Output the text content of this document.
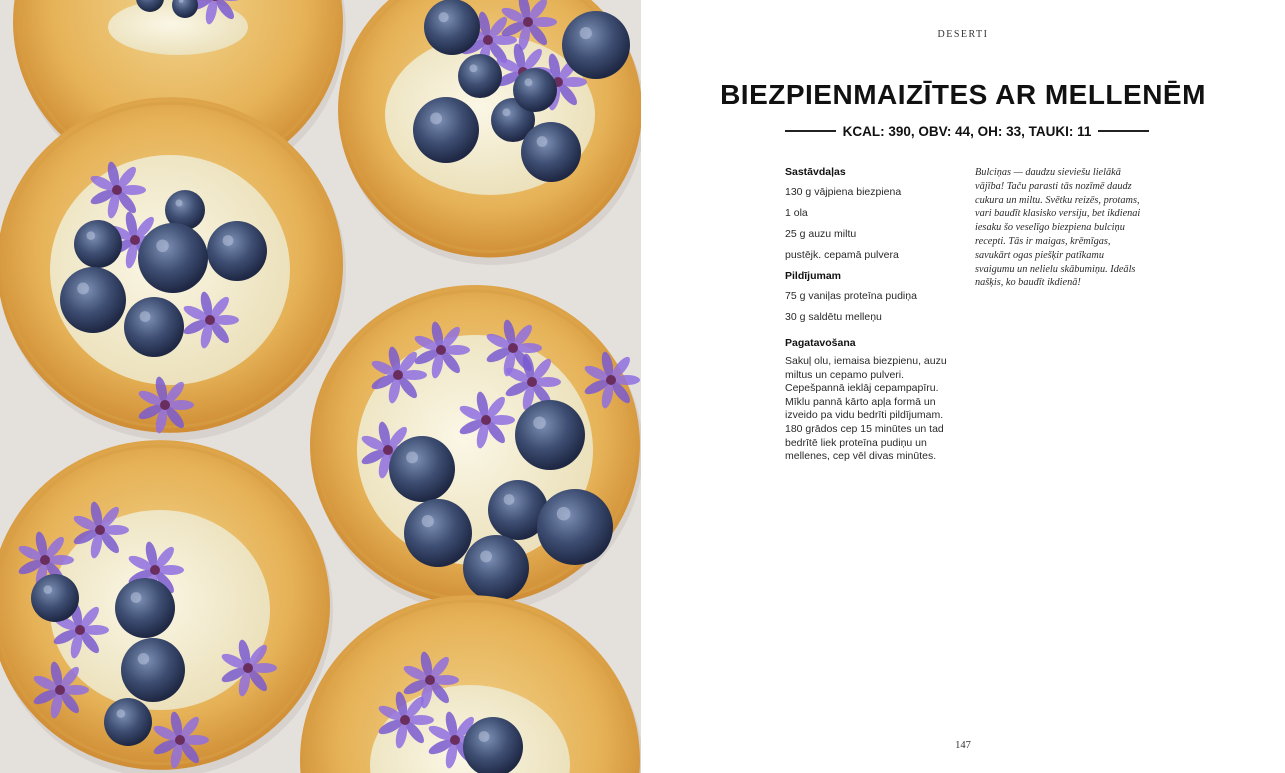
DESERTI
BIEZPIENMAIZĪTES AR MELLENĒM
KCAL: 390, OBV: 44, OH: 33, TAUKI: 11
Sastāvdaļas
130 g vājpiena biezpiena
1 ola
25 g auzu miltu
pustējk. cepamā pulvera
Pildījumam
75 g vaniļas proteīna pudiņa
30 g saldētu melleņu
Pagatavošana
Sakuļ olu, iemaisa biezpienu, auzu miltus un cepamo pulveri. Cepešpannā ieklāj cepampapīru. Mīklu pannā kārto apļa formā un izveido pa vidu bedrīti pildījumam. 180 grādos cep 15 minūtes un tad bedrītē liek proteīna pudiņu un mellenes, cep vēl divas minūtes.
Bulciņas — daudzu sieviešu lielākā vājība! Taču parasti tās nozīmē daudz cukura un miltu. Svētku reizēs, protams, vari baudīt klasisko versiju, bet ikdienai iesaku šo veselīgo biezpiena bulciņu recepti. Tās ir maigas, krēmīgas, savukārt ogas piešķir patīkamu svaigumu un nelielu skābumiņu. Ideāls našķis, ko baudīt ikdienā!
147
